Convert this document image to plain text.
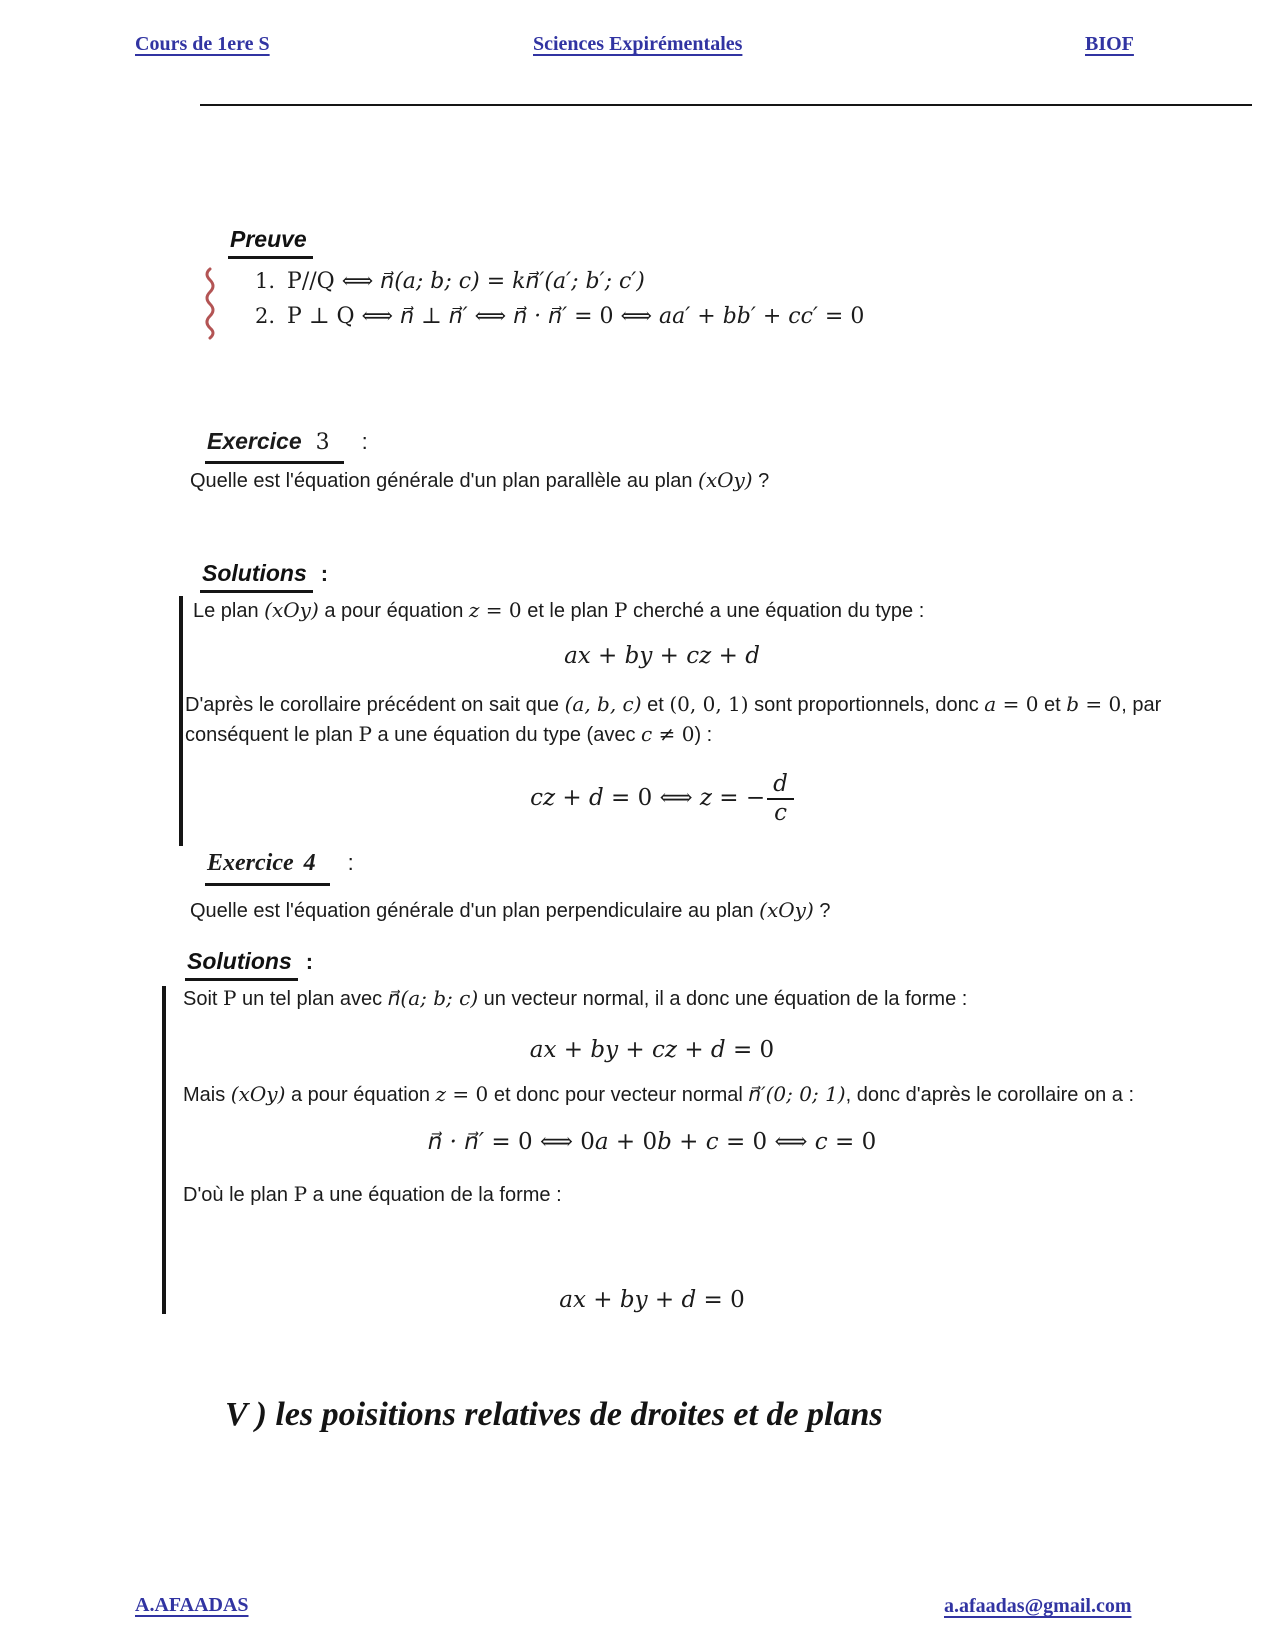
Cours de 1ere S	Sciences Expirémentales	BIOF
Preuve
1. P//Q ⟺ n⃗(a; b; c) = kn⃗′(a′; b′; c′)
2. P ⊥ Q ⟺ n⃗ ⊥ n⃗′ ⟺ n⃗ · n⃗′ = 0 ⟺ aa′ + bb′ + cc′ = 0
Exercice 3 :
Quelle est l'équation générale d'un plan parallèle au plan (xOy) ?
Solutions :
Le plan (xOy) a pour équation z = 0 et le plan P cherché a une équation du type :
ax + by + cz + d
D'après le corollaire précédent on sait que (a, b, c) et (0, 0, 1) sont proportionnels, donc a = 0 et b = 0, par
conséquent le plan P a une équation du type (avec c ≠ 0) :
cz + d = 0 ⟺ z = − $\frac{d}{c}$
Exercice 4 :
Quelle est l'équation générale d'un plan perpendiculaire au plan (xOy) ?
Solutions :
Soit P un tel plan avec n⃗(a; b; c) un vecteur normal, il a donc une équation de la forme :
ax + by + cz + d = 0
Mais (xOy) a pour équation z = 0 et donc pour vecteur normal n⃗′(0; 0; 1), donc d'après le corollaire on a :
n⃗ · n⃗′ = 0 ⟺ 0a + 0b + c = 0 ⟺ c = 0
D'où le plan P a une équation de la forme :
ax + by + d = 0
V ) les poisitions relatives de droites et de plans
A.AFAADAS	a.afaadas@gmail.com
